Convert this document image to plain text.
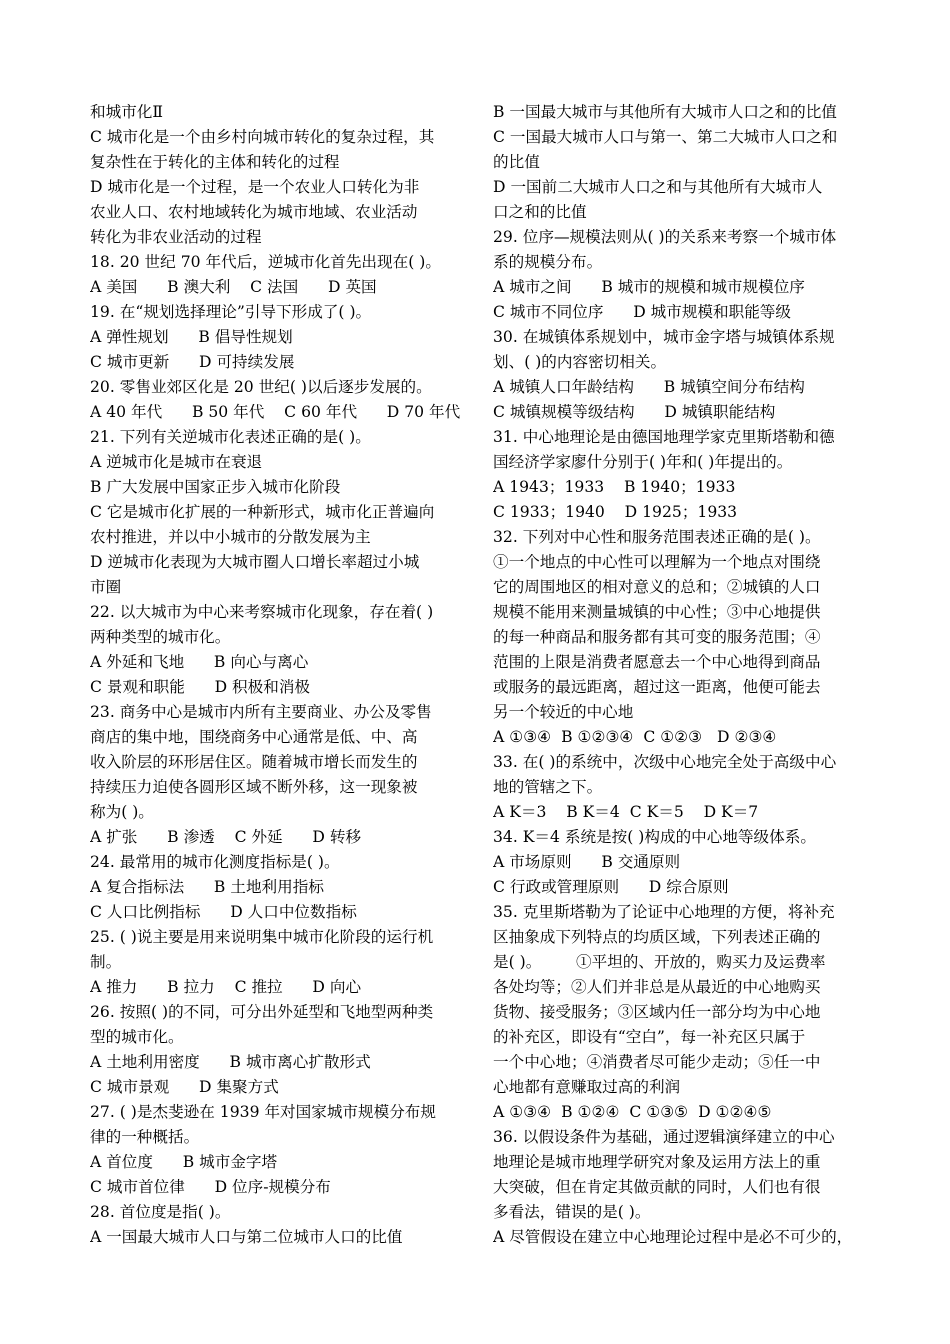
和城市化Ⅱ
C 城市化是一个由乡村向城市转化的复杂过程，其
复杂性在于转化的主体和转化的过程
D 城市化是一个过程，是一个农业人口转化为非
农业人口、农村地域转化为城市地域、农业活动
转化为非农业活动的过程
18. 20 世纪 70 年代后，逆城市化首先出现在( )。
A 美国      B 澳大利    C 法国      D 英国
19. 在“规划选择理论”引导下形成了( )。
A 弹性规划      B 倡导性规划
C 城市更新      D 可持续发展
20. 零售业郊区化是 20 世纪( )以后逐步发展的。
A 40 年代      B 50 年代    C 60 年代      D 70 年代
21. 下列有关逆城市化表述正确的是( )。
A 逆城市化是城市在衰退
B 广大发展中国家正步入城市化阶段
C 它是城市化扩展的一种新形式，城市化正普遍向
农村推进，并以中小城市的分散发展为主
D 逆城市化表现为大城市圈人口增长率超过小城
市圈
22. 以大城市为中心来考察城市化现象，存在着( )
两种类型的城市化。
A 外延和飞地      B 向心与离心
C 景观和职能      D 积极和消极
23. 商务中心是城市内所有主要商业、办公及零售
商店的集中地，围绕商务中心通常是低、中、高
收入阶层的环形居住区。随着城市增长而发生的
持续压力迫使各圆形区域不断外移，这一现象被
称为( )。
A 扩张      B 渗透    C 外延      D 转移
24. 最常用的城市化测度指标是( )。
A 复合指标法      B 土地利用指标
C 人口比例指标      D 人口中位数指标
25. ( )说主要是用来说明集中城市化阶段的运行机
制。
A 推力      B 拉力    C 推拉      D 向心
26. 按照( )的不同，可分出外延型和飞地型两种类
型的城市化。
A 土地利用密度      B 城市离心扩散形式
C 城市景观      D 集聚方式
27. ( )是杰斐逊在 1939 年对国家城市规模分布规
律的一种概括。
A 首位度      B 城市金字塔
C 城市首位律      D 位序-规模分布
28. 首位度是指( )。
A 一国最大城市人口与第二位城市人口的比值
B 一国最大城市与其他所有大城市人口之和的比值
C 一国最大城市人口与第一、第二大城市人口之和
的比值
D 一国前二大城市人口之和与其他所有大城市人
口之和的比值
29. 位序—规模法则从( )的关系来考察一个城市体
系的规模分布。
A 城市之间      B 城市的规模和城市规模位序
C 城市不同位序      D 城市规模和职能等级
30. 在城镇体系规划中，城市金字塔与城镇体系规
划、( )的内容密切相关。
A 城镇人口年龄结构      B 城镇空间分布结构
C 城镇规模等级结构      D 城镇职能结构
31. 中心地理论是由德国地理学家克里斯塔勒和德
国经济学家廖什分别于( )年和( )年提出的。
A 1943；1933    B 1940；1933
C 1933；1940    D 1925；1933
32. 下列对中心性和服务范围表述正确的是( )。
①一个地点的中心性可以理解为一个地点对围绕
它的周围地区的相对意义的总和；②城镇的人口
规模不能用来测量城镇的中心性；③中心地提供
的每一种商品和服务都有其可变的服务范围；④
范围的上限是消费者愿意去一个中心地得到商品
或服务的最远距离，超过这一距离，他便可能去
另一个较近的中心地
A ①③④  B ①②③④  C ①②③   D ②③④
33. 在( )的系统中，次级中心地完全处于高级中心
地的管辖之下。
A K＝3    B K＝4  C K＝5    D K＝7
34. K＝4 系统是按( )构成的中心地等级体系。
A 市场原则      B 交通原则
C 行政或管理原则      D 综合原则
35. 克里斯塔勒为了论证中心地理的方便，将补充
区抽象成下列特点的均质区域，下列表述正确的
是( )。       ①平坦的、开放的，购买力及运费率
各处均等；②人们并非总是从最近的中心地购买
货物、接受服务；③区域内任一部分均为中心地
的补充区，即设有“空白”，每一补充区只属于
一个中心地；④消费者尽可能少走动；⑤任一中
心地都有意赚取过高的利润
A ①③④  B ①②④  C ①③⑤  D ①②④⑤
36. 以假设条件为基础，通过逻辑演绎建立的中心
地理论是城市地理学研究对象及运用方法上的重
大突破，但在肯定其做贡献的同时，人们也有很
多看法，错误的是( )。
A 尽管假设在建立中心地理论过程中是必不可少的，
